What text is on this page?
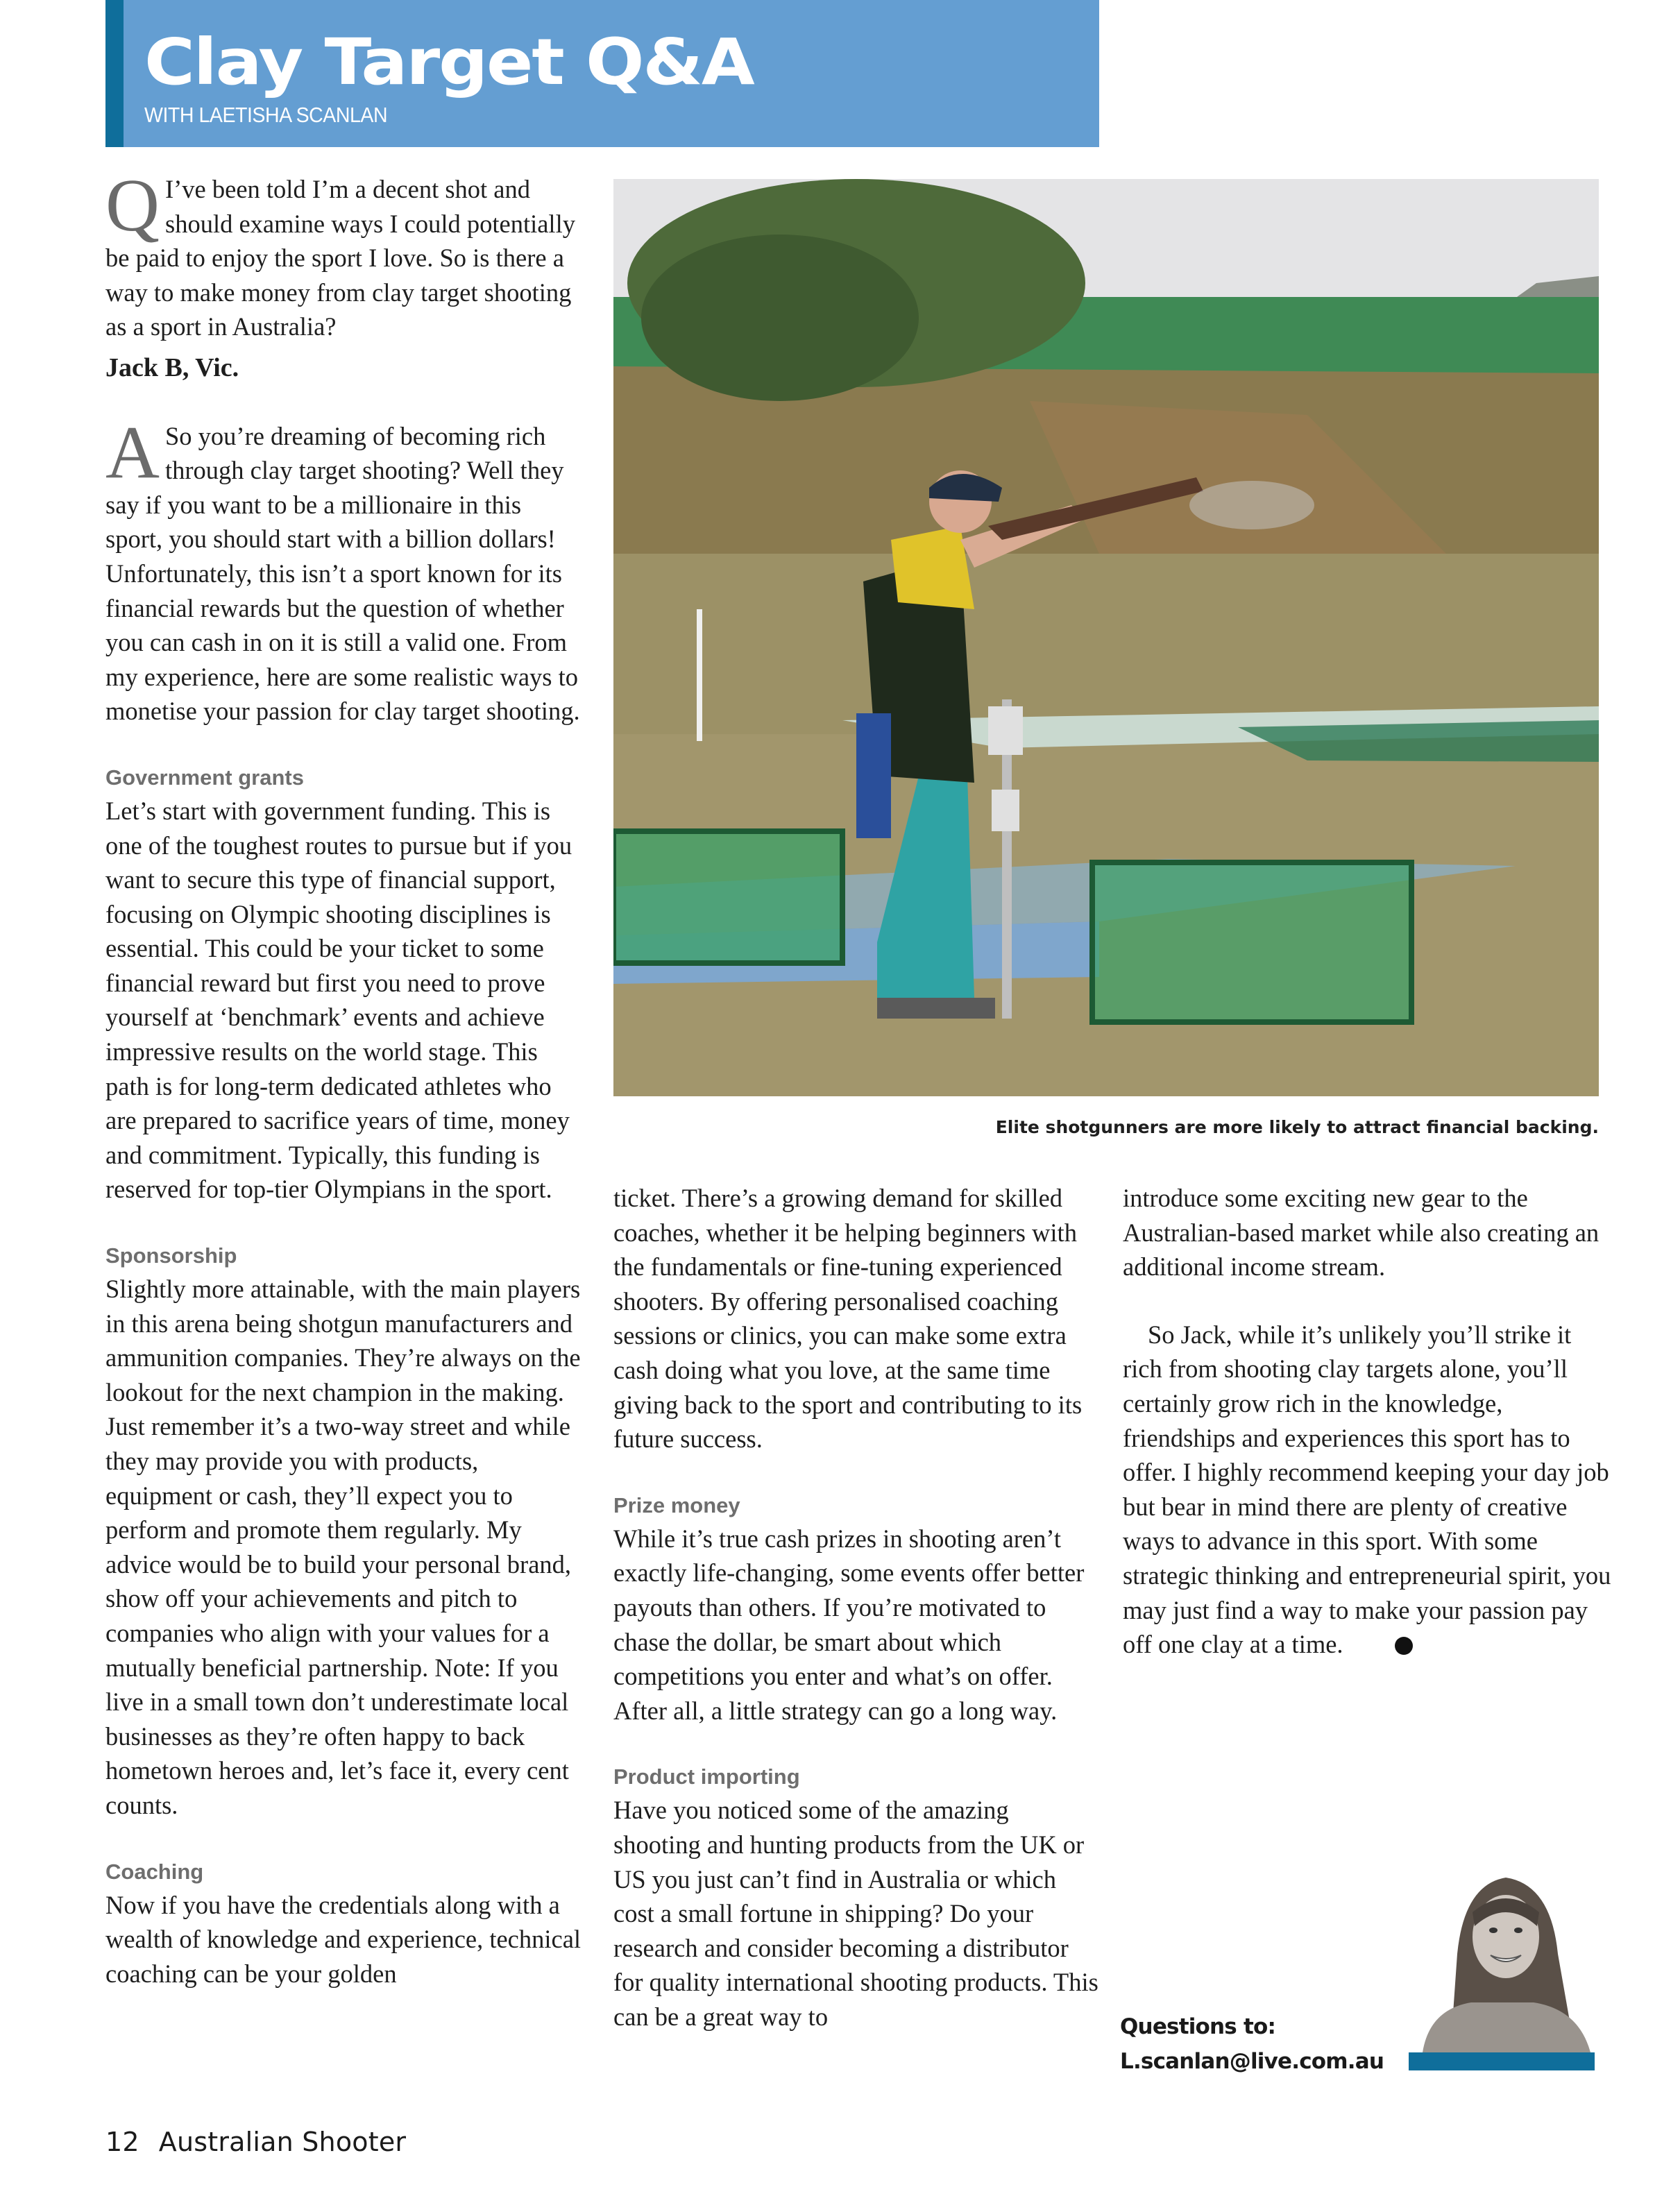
Clay Target Q&A
WITH LAETISHA SCANLAN

Q I’ve been told I’m a decent shot and should examine ways I could potentially be paid to enjoy the sport I love. So is there a way to make money from clay target shooting as a sport in Australia?

Jack B, Vic.

A So you’re dreaming of becoming rich through clay target shooting? Well they say if you want to be a millionaire in this sport, you should start with a billion dollars! Unfortunately, this isn’t a sport known for its financial rewards but the question of whether you can cash in on it is still a valid one. From my experience, here are some realistic ways to monetise your passion for clay target shooting.

Government grants

Let’s start with government funding. This is one of the toughest routes to pursue but if you want to secure this type of financial support, focusing on Olympic shooting disciplines is essential. This could be your ticket to some financial reward but first you need to prove yourself at ‘benchmark’ events and achieve impressive results on the world stage. This path is for long-term dedicated athletes who are prepared to sacrifice years of time, money and commitment. Typically, this funding is reserved for top-tier Olympians in the sport.

Sponsorship

Slightly more attainable, with the main players in this arena being shotgun manufacturers and ammunition companies. They’re always on the lookout for the next champion in the making. Just remember it’s a two-way street and while they may provide you with products, equipment or cash, they’ll expect you to perform and promote them regularly. My advice would be to build your personal brand, show off your achievements and pitch to companies who align with your values for a mutually beneficial partnership. Note: If you live in a small town don’t underestimate local businesses as they’re often happy to back hometown heroes and, let’s face it, every cent counts.

Coaching

Now if you have the credentials along with a wealth of knowledge and experience, technical coaching can be your golden

Elite shotgunners are more likely to attract financial backing.

ticket. There’s a growing demand for skilled coaches, whether it be helping beginners with the fundamentals or fine-tuning experienced shooters. By offering personalised coaching sessions or clinics, you can make some extra cash doing what you love, at the same time giving back to the sport and contributing to its future success.

Prize money

While it’s true cash prizes in shooting aren’t exactly life-changing, some events offer better payouts than others. If you’re motivated to chase the dollar, be smart about which competitions you enter and what’s on offer. After all, a little strategy can go a long way.

Product importing

Have you noticed some of the amazing shooting and hunting products from the UK or US you just can’t find in Australia or which cost a small fortune in shipping? Do your research and consider becoming a distributor for quality international shooting products. This can be a great way to

introduce some exciting new gear to the Australian-based market while also creating an additional income stream.

So Jack, while it’s unlikely you’ll strike it rich from shooting clay targets alone, you’ll certainly grow rich in the knowledge, friendships and experiences this sport has to offer. I highly recommend keeping your day job but bear in mind there are plenty of creative ways to advance in this sport. With some strategic thinking and entrepreneurial spirit, you may just find a way to make your passion pay off one clay at a time.

Questions to:
L.scanlan@live.com.au
12 Australian Shooter
